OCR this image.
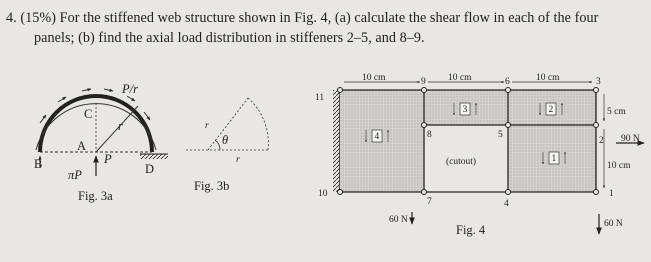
4. (15%) For the stiffened web structure shown in Fig. 4, (a) calculate the shear flow in each of the four
panels; (b) find the axial load distribution in stiffeners 2–5, and 8–9.
P/r
C
r
A
P
D
B
πP
Fig. 3a
r
θ
r
Fig. 3b
10 cm	10 cm	10 cm
5 cm
10 cm
11
9	6	3
8	5
2
10
7	4
1
4
3	2
1
(cutout)
60 N	60 N
90 N
Fig. 4
